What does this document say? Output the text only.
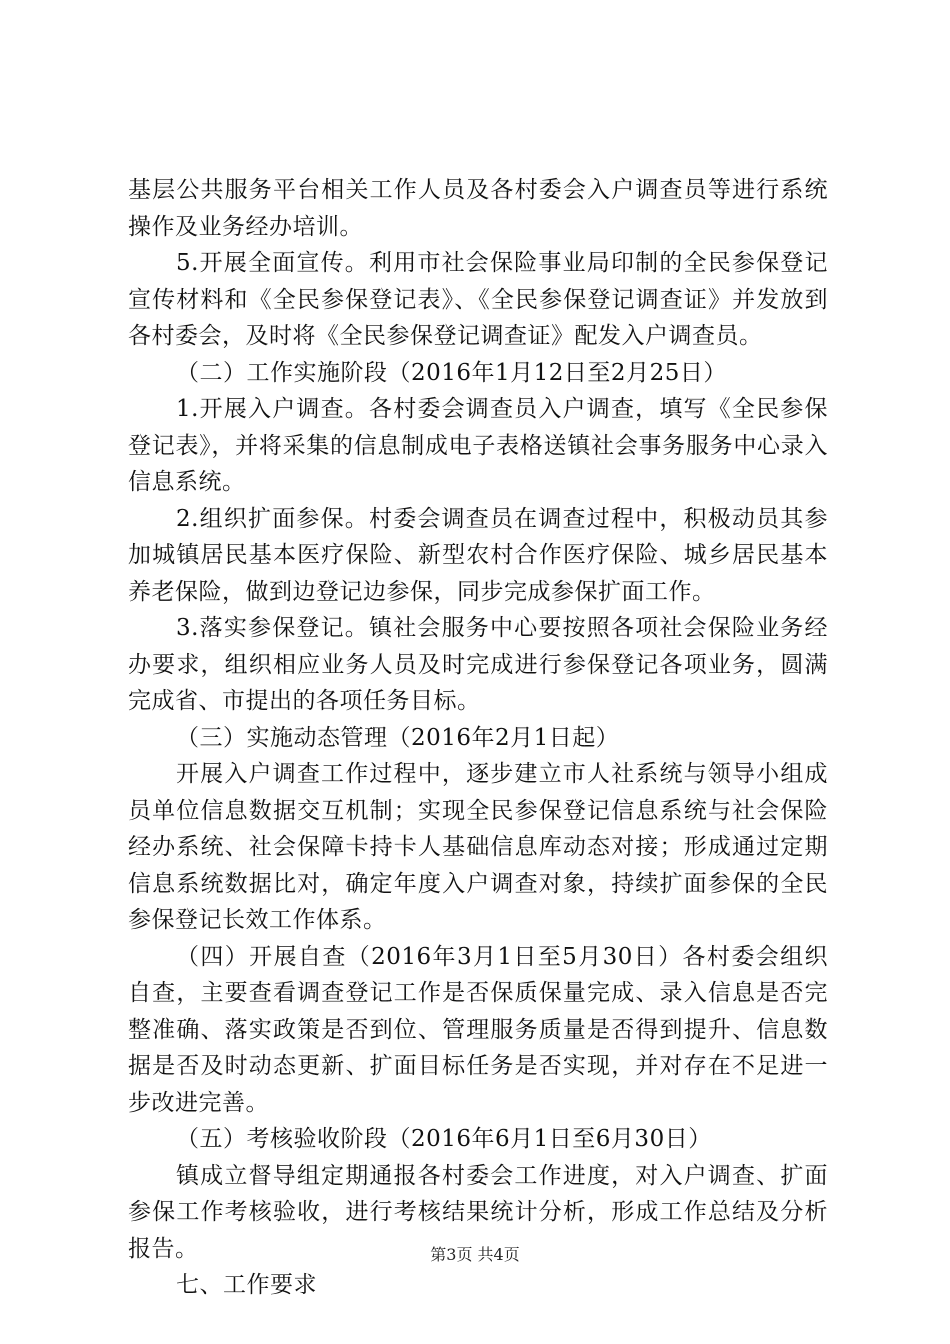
基层公共服务平台相关工作人员及各村委会入户调查员等进行系统操作及业务经办培训。

5.开展全面宣传。利用市社会保险事业局印制的全民参保登记宣传材料和《全民参保登记表》、《全民参保登记调查证》并发放到各村委会，及时将《全民参保登记调查证》配发入户调查员。

（二）工作实施阶段（2016年1月12日至2月25日）

1.开展入户调查。各村委会调查员入户调查，填写《全民参保登记表》，并将采集的信息制成电子表格送镇社会事务服务中心录入信息系统。

2.组织扩面参保。村委会调查员在调查过程中，积极动员其参加城镇居民基本医疗保险、新型农村合作医疗保险、城乡居民基本养老保险，做到边登记边参保，同步完成参保扩面工作。

3.落实参保登记。镇社会服务中心要按照各项社会保险业务经办要求，组织相应业务人员及时完成进行参保登记各项业务，圆满完成省、市提出的各项任务目标。

（三）实施动态管理（2016年2月1日起）

开展入户调查工作过程中，逐步建立市人社系统与领导小组成员单位信息数据交互机制；实现全民参保登记信息系统与社会保险经办系统、社会保障卡持卡人基础信息库动态对接；形成通过定期信息系统数据比对，确定年度入户调查对象，持续扩面参保的全民参保登记长效工作体系。

（四）开展自查（2016年3月1日至5月30日）各村委会组织自查，主要查看调查登记工作是否保质保量完成、录入信息是否完整准确、落实政策是否到位、管理服务质量是否得到提升、信息数据是否及时动态更新、扩面目标任务是否实现，并对存在不足进一步改进完善。

（五）考核验收阶段（2016年6月1日至6月30日）

镇成立督导组定期通报各村委会工作进度，对入户调查、扩面参保工作考核验收，进行考核结果统计分析，形成工作总结及分析报告。

七、工作要求

第3页 共4页
